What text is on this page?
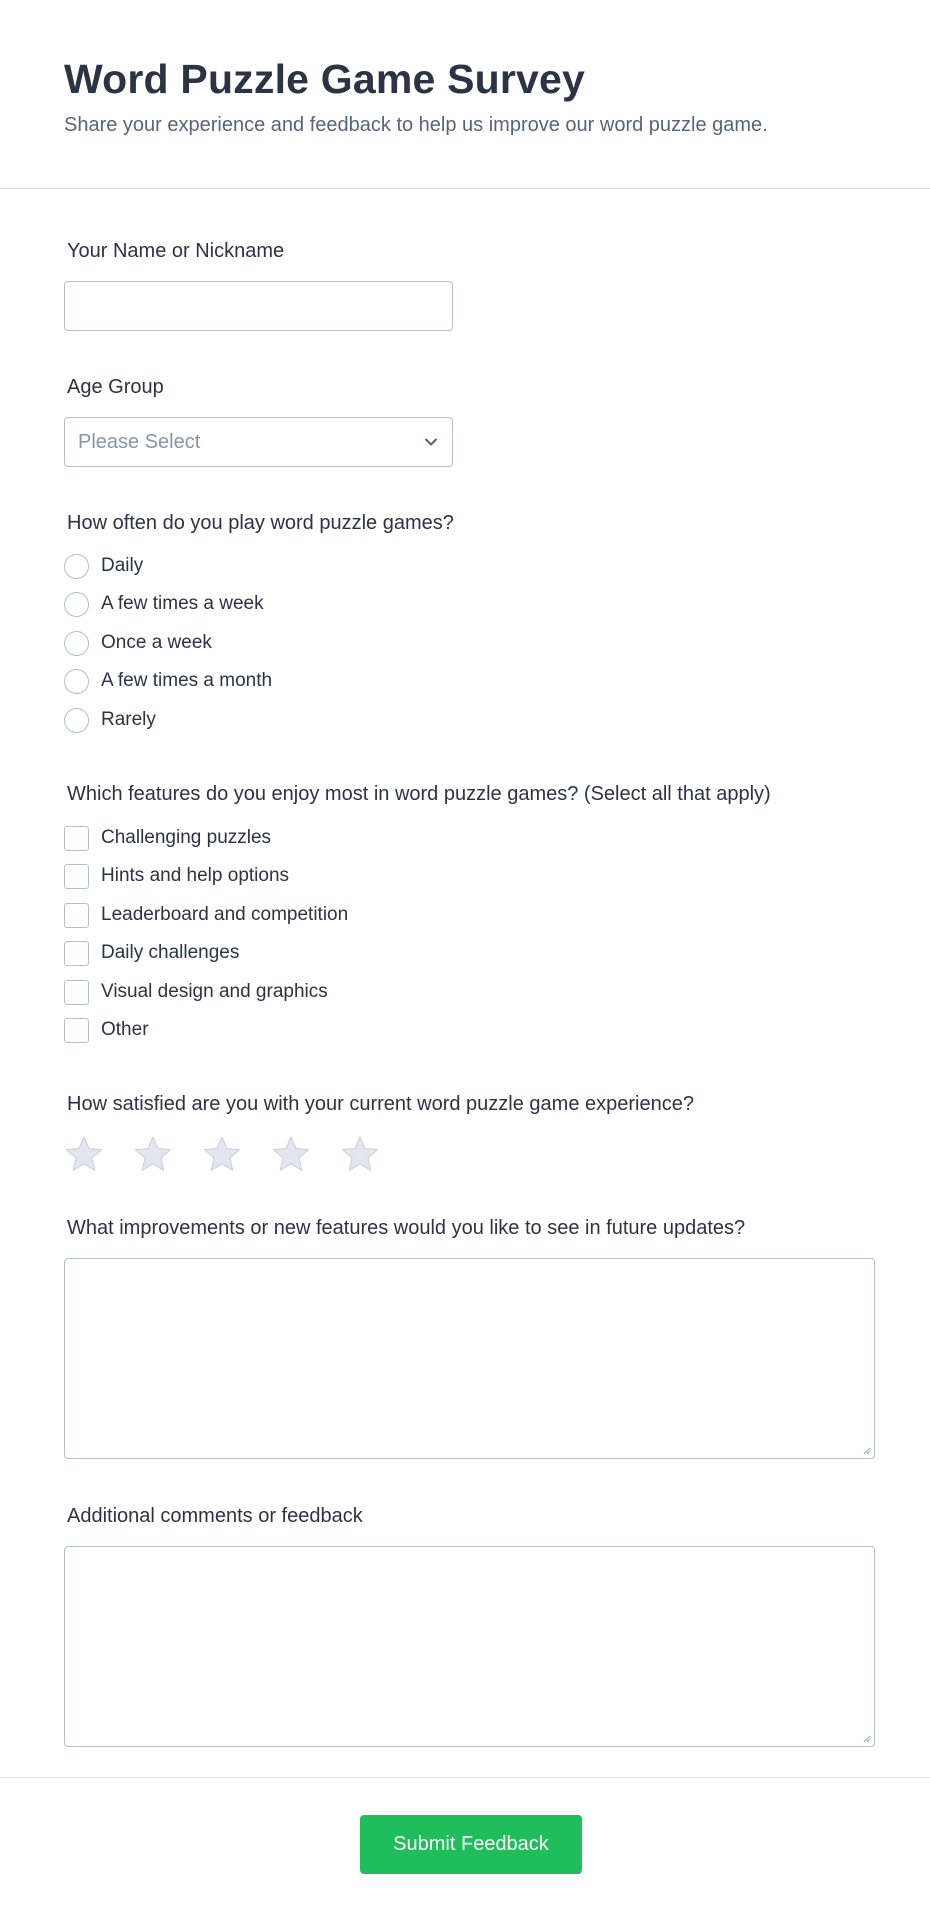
Word Puzzle Game Survey

Share your experience and feedback to help us improve our word puzzle game.

Your Name or Nickname
Age Group
Please Select
How often do you play word puzzle games?
Daily
A few times a week
Once a week
A few times a month
Rarely
Which features do you enjoy most in word puzzle games? (Select all that apply)
Challenging puzzles
Hints and help options
Leaderboard and competition
Daily challenges
Visual design and graphics
Other
How satisfied are you with your current word puzzle game experience?
What improvements or new features would you like to see in future updates?
Additional comments or feedback
Submit Feedback
